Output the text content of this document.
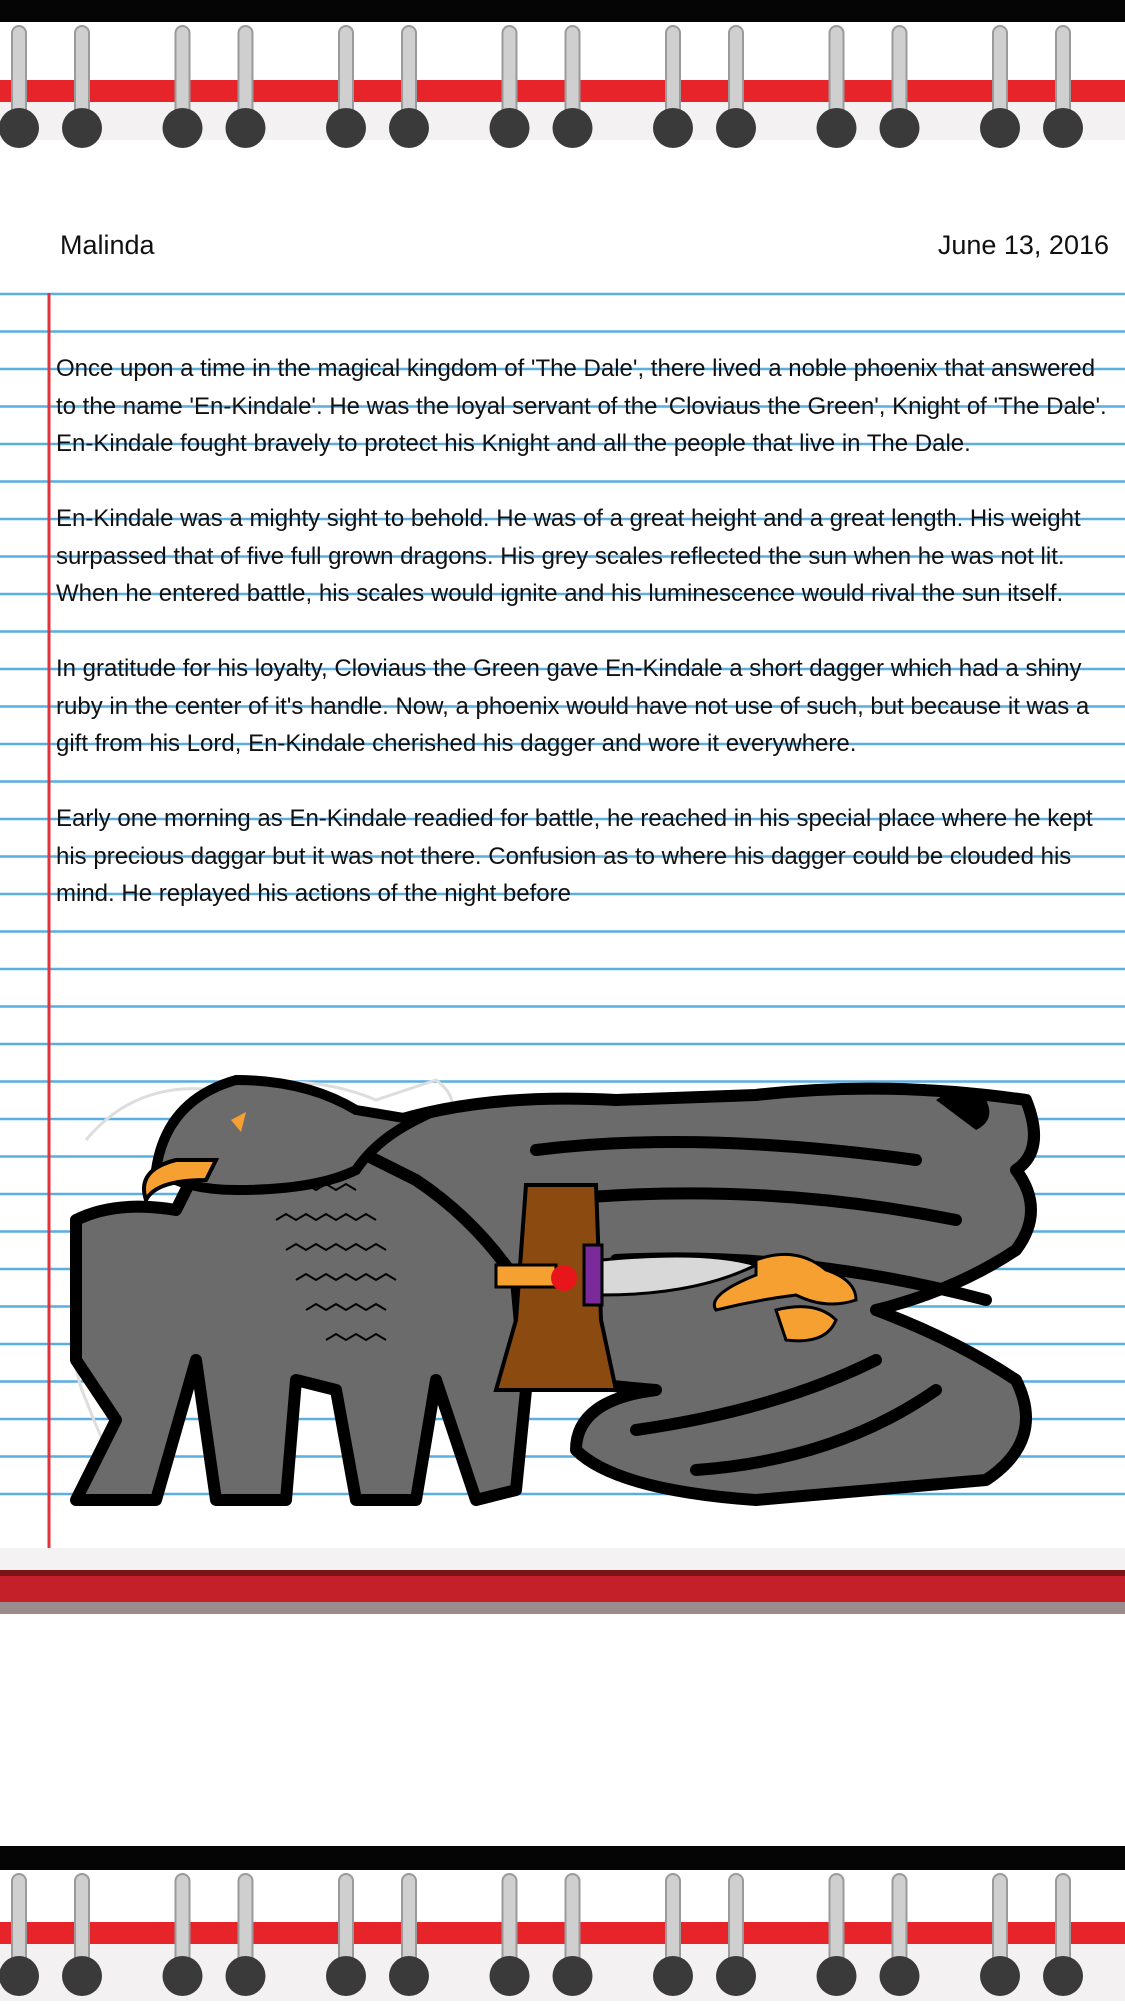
Malinda	June 13, 2016

Once upon a time in the magical kingdom of 'The Dale', there lived a noble phoenix that answered to the name 'En-Kindale'. He was the loyal servant of the 'Cloviaus the Green', Knight of 'The Dale'. En-Kindale fought bravely to protect his Knight and all the people that live in The Dale.

En-Kindale was a mighty sight to behold. He was of a great height and a great length. His weight surpassed that of five full grown dragons. His grey scales reflected the sun when he was not lit. When he entered battle, his scales would ignite and his luminescence would rival the sun itself.

In gratitude for his loyalty, Cloviaus the Green gave En-Kindale a short dagger which had a shiny ruby in the center of it's handle. Now, a phoenix would have not use of such, but because it was a gift from his Lord, En-Kindale cherished his dagger and wore it everywhere.

Early one morning as En-Kindale readied for battle, he reached in his special place where he kept his precious daggar but it was not there. Confusion as to where his dagger could be clouded his mind. He replayed his actions of the night before
